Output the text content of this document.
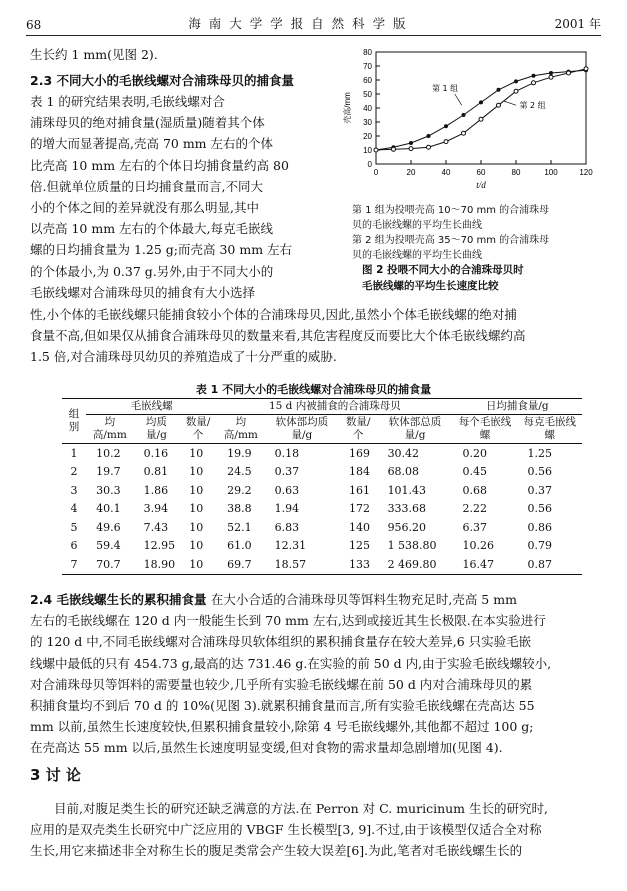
68	海 南 大 学 学 报 自 然 科 学 版	2001 年

生长约 1 mm(见图 2).

2.3 不同大小的毛嵌线螺对合浦珠母贝的捕食量
表 1 的研究结果表明,毛嵌线螺对合
浦珠母贝的绝对捕食量(湿质量)随着其个体
的增大而显著提高,壳高 70 mm 左右的个体
比壳高 10 mm 左右的个体日均捕食量约高 80
倍.但就单位质量的日均捕食量而言,不同大
小的个体之间的差异就没有那么明显,其中
以壳高 10 mm 左右的个体最大,每克毛嵌线
螺的日均捕食量为 1.25 g;而壳高 30 mm 左右
的个体最小,为 0.37 g.另外,由于不同大小的
毛嵌线螺对合浦珠母贝的捕食有大小选择
性,小个体的毛嵌线螺只能捕食较小个体的合浦珠母贝,因此,虽然小个体毛嵌线螺的绝对捕
食量不高,但如果仅从捕食合浦珠母贝的数量来看,其危害程度反而要比大个体毛嵌线螺约高
1.5 倍,对合浦珠母贝幼贝的养殖造成了十分严重的威胁.
0
10
20
30
40
50
60
70
80
0	20	40	60	80	100	120
t/d
壳高/mm
第 1 组
第 2 组
第 1 组为投喂壳高 10～70 mm 的合浦珠母
贝的毛嵌线螺的平均生长曲线
第 2 组为投喂壳高 35～70 mm 的合浦珠母
贝的毛嵌线螺的平均生长曲线
图 2 投喂不同大小的合浦珠母贝时
毛嵌线螺的平均生长速度比较
表 1 不同大小的毛嵌线螺对合浦珠母贝的捕食量
组别	毛嵌线螺			15 d 内被捕食的合浦珠母贝				日均捕食量/g	
	均高/mm	均质量/g	数量/个	均高/mm	软体部均质量/g	数量/个	软体部总质量/g	每个毛嵌线螺	每克毛嵌线螺
1	10.2	0.16	10	19.9	0.18	169	30.42	0.20	1.25
2	19.7	0.81	10	24.5	0.37	184	68.08	0.45	0.56
3	30.3	1.86	10	29.2	0.63	161	101.43	0.68	0.37
4	40.1	3.94	10	38.8	1.94	172	333.68	2.22	0.56
5	49.6	7.43	10	52.1	6.83	140	956.20	6.37	0.86
6	59.4	12.95	10	61.0	12.31	125	1 538.80	10.26	0.79
7	70.7	18.90	10	69.7	18.57	133	2 469.80	16.47	0.87
2.4 毛嵌线螺生长的累积捕食量 在大小合适的合浦珠母贝等饵料生物充足时,壳高 5 mm
左右的毛嵌线螺在 120 d 内一般能生长到 70 mm 左右,达到或接近其生长极限.在本实验进行
的 120 d 中,不同毛嵌线螺对合浦珠母贝软体组织的累积捕食量存在较大差异,6 只实验毛嵌
线螺中最低的只有 454.73 g,最高的达 731.46 g.在实验的前 50 d 内,由于实验毛嵌线螺较小,
对合浦珠母贝等饵料的需要量也较少,几乎所有实验毛嵌线螺在前 50 d 内对合浦珠母贝的累
积捕食量均不到后 70 d 的 10%(见图 3).就累积捕食量而言,所有实验毛嵌线螺在壳高达 55
mm 以前,虽然生长速度较快,但累积捕食量较小,除第 4 号毛嵌线螺外,其他都不超过 100 g;
在壳高达 55 mm 以后,虽然生长速度明显变缓,但对食物的需求量却急剧增加(见图 4).
3 讨 论
目前,对腹足类生长的研究还缺乏满意的方法.在 Perron 对 C. muricinum 生长的研究时,
应用的是双壳类生长研究中广泛应用的 VBGF 生长模型[3, 9].不过,由于该模型仅适合全对称
生长,用它来描述非全对称生长的腹足类常会产生较大误差[6].为此,笔者对毛嵌线螺生长的
